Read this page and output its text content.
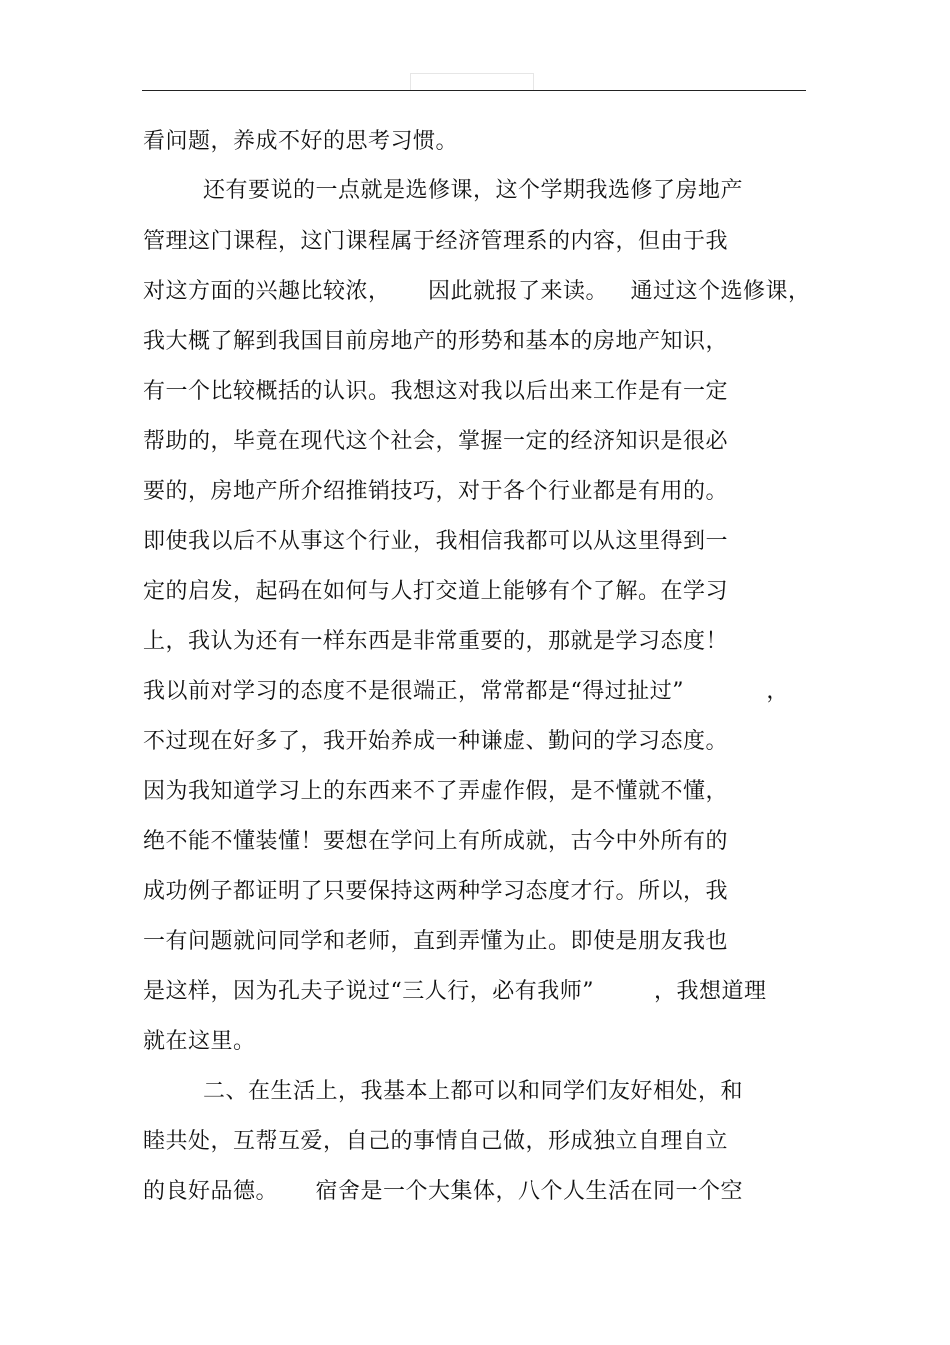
看问题，养成不好的思考习惯。
还有要说的一点就是选修课，这个学期我选修了房地产
管理这门课程，这门课程属于经济管理系的内容，但由于我
对这方面的兴趣比较浓，     因此就报了来读。   通过这个选修课，
我大概了解到我国目前房地产的形势和基本的房地产知识，
有一个比较概括的认识。我想这对我以后出来工作是有一定
帮助的，毕竟在现代这个社会，掌握一定的经济知识是很必
要的，房地产所介绍推销技巧，对于各个行业都是有用的。
即使我以后不从事这个行业，我相信我都可以从这里得到一
定的启发，起码在如何与人打交道上能够有个了解。在学习
上，我认为还有一样东西是非常重要的，那就是学习态度！
我以前对学习的态度不是很端正，常常都是“得过扯过”           ，
不过现在好多了，我开始养成一种谦虚、勤问的学习态度。
因为我知道学习上的东西来不了弄虚作假，是不懂就不懂，
绝不能不懂装懂！要想在学问上有所成就，古今中外所有的
成功例子都证明了只要保持这两种学习态度才行。所以，我
一有问题就问同学和老师，直到弄懂为止。即使是朋友我也
是这样，因为孔夫子说过“三人行，必有我师”        ，我想道理
就在这里。
二、在生活上，我基本上都可以和同学们友好相处，和
睦共处，互帮互爱，自己的事情自己做，形成独立自理自立
的良好品德。     宿舍是一个大集体，八个人生活在同一个空
